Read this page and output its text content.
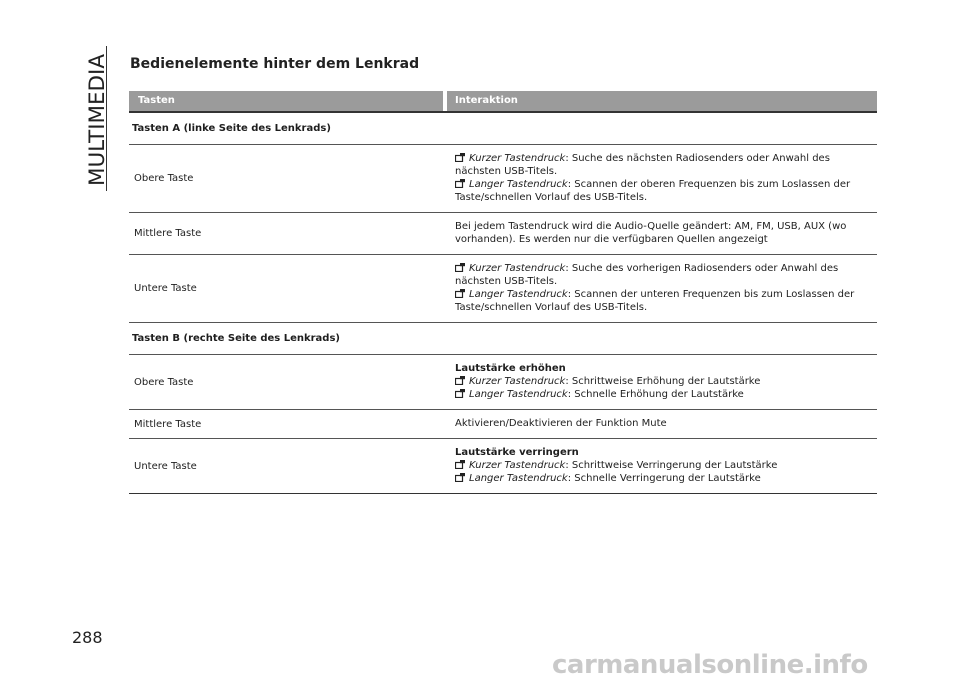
MULTIMEDIA Bedienelemente hinter dem Lenkrad
Tasten	Interaktion
Tasten A (linke Seite des Lenkrads)
Obere Taste
Kurzer Tastendruck: Suche des nächsten Radiosenders oder Anwahl des nächsten USB-Titels.
Langer Tastendruck: Scannen der oberen Frequenzen bis zum Loslassen der Taste/schnellen Vorlauf des USB-Titels.
Mittlere Taste
Bei jedem Tastendruck wird die Audio-Quelle geändert: AM, FM, USB, AUX (wo vorhanden). Es werden nur die verfügbaren Quellen angezeigt
Untere Taste
Kurzer Tastendruck: Suche des vorherigen Radiosenders oder Anwahl des nächsten USB-Titels.
Langer Tastendruck: Scannen der unteren Frequenzen bis zum Loslassen der Taste/schnellen Vorlauf des USB-Titels.
Tasten B (rechte Seite des Lenkrads)
Obere Taste
Lautstärke erhöhen
Kurzer Tastendruck: Schrittweise Erhöhung der Lautstärke
Langer Tastendruck: Schnelle Erhöhung der Lautstärke
Mittlere Taste	Aktivieren/Deaktivieren der Funktion Mute
Untere Taste
Lautstärke verringern
Kurzer Tastendruck: Schrittweise Verringerung der Lautstärke
Langer Tastendruck: Schnelle Verringerung der Lautstärke
288
carmanualsonline.info
